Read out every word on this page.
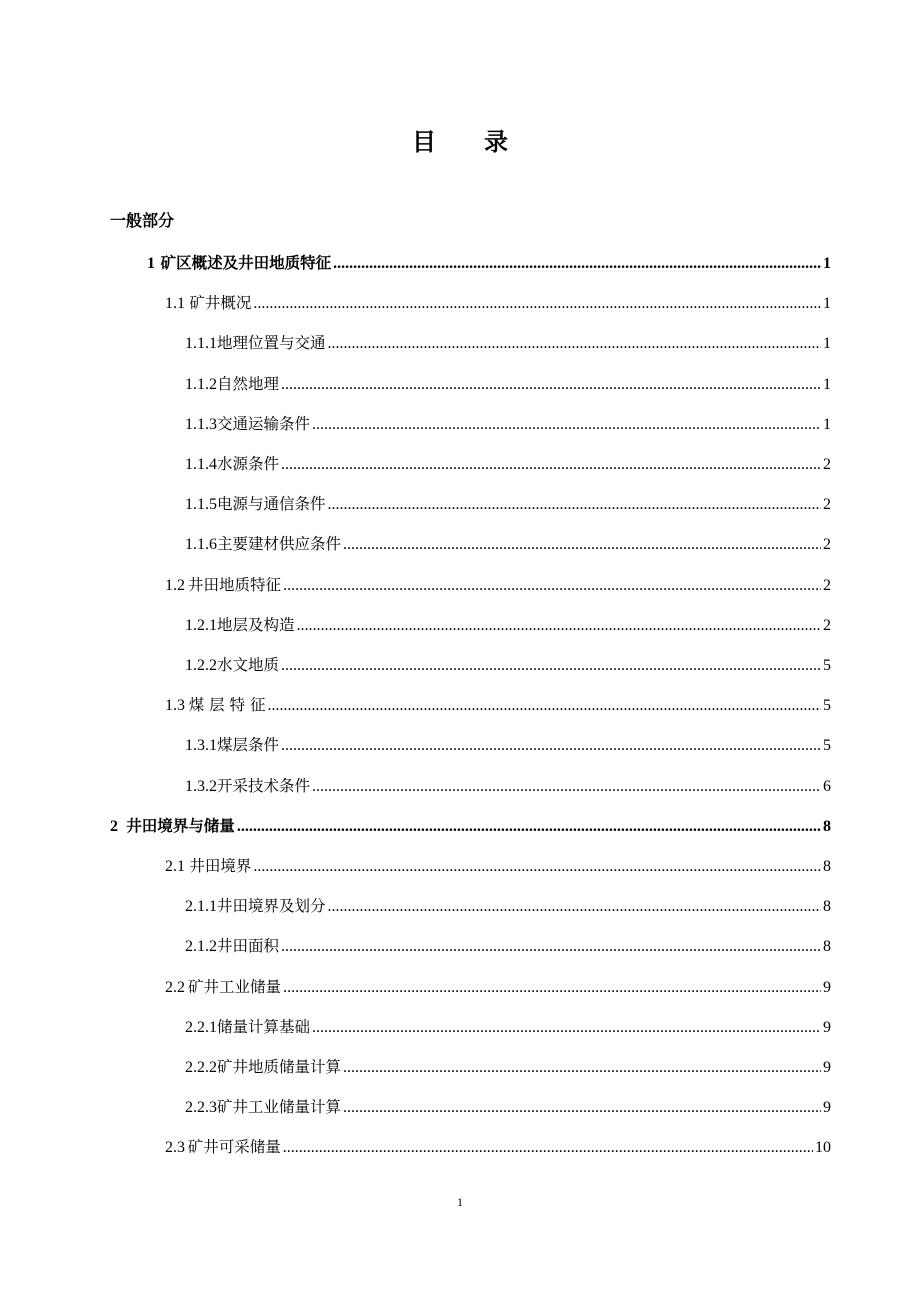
目 录
一般部分
1 矿区概述及井田地质特征 .....	1
1.1 矿井概况 .....	1
1.1.1 地理位置与交通 .....	1
1.1.2 自然地理 .....	1
1.1.3 交通运输条件 .....	1
1.1.4 水源条件 .....	2
1.1.5 电源与通信条件 .....	2
1.1.6 主要建材供应条件 .....	2
1.2 井田地质特征 .....	2
1.2.1 地层及构造 .....	2
1.2.2 水文地质 .....	5
1.3 煤 层 特 征 .....	5
1.3.1 煤层条件 .....	5
1.3.2 开采技术条件 .....	6
2 井田境界与储量 .....	8
2.1 井田境界 .....	8
2.1.1 井田境界及划分 .....	8
2.1.2 井田面积 .....	8
2.2 矿井工业储量 .....	9
2.2.1 储量计算基础 .....	9
2.2.2 矿井地质储量计算 .....	9
2.2.3 矿井工业储量计算 .....	9
2.3 矿井可采储量 .....	10
1
